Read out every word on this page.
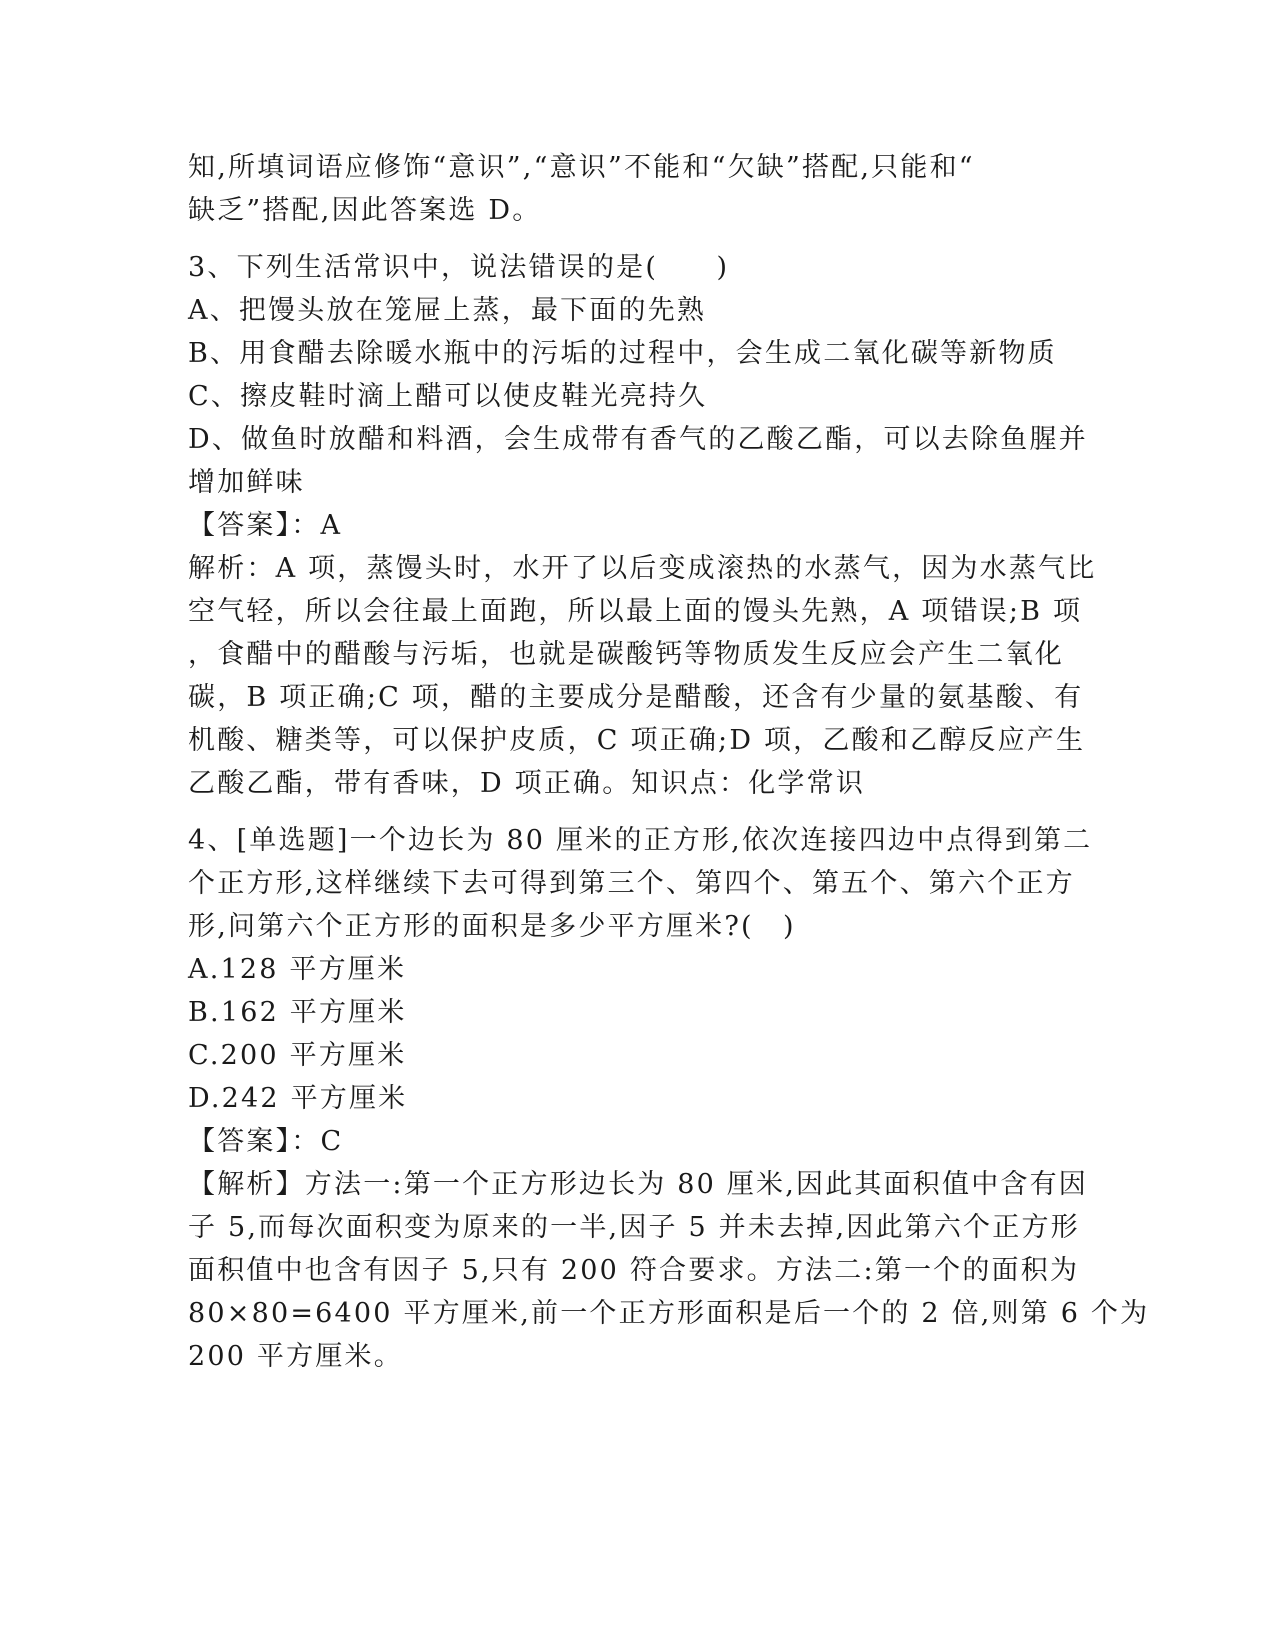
知,所填词语应修饰“意识”,“意识”不能和“欠缺”搭配,只能和“
缺乏”搭配,因此答案选 D。
3、下列生活常识中，说法错误的是(　　)
A、把馒头放在笼屉上蒸，最下面的先熟
B、用食醋去除暖水瓶中的污垢的过程中，会生成二氧化碳等新物质
C、擦皮鞋时滴上醋可以使皮鞋光亮持久
D、做鱼时放醋和料酒，会生成带有香气的乙酸乙酯，可以去除鱼腥并
增加鲜味
【答案】：A
解析：A 项，蒸馒头时，水开了以后变成滚热的水蒸气，因为水蒸气比
空气轻，所以会往最上面跑，所以最上面的馒头先熟，A 项错误;B 项
，食醋中的醋酸与污垢，也就是碳酸钙等物质发生反应会产生二氧化
碳，B 项正确;C 项，醋的主要成分是醋酸，还含有少量的氨基酸、有
机酸、糖类等，可以保护皮质，C 项正确;D 项，乙酸和乙醇反应产生
乙酸乙酯，带有香味，D 项正确。知识点：化学常识
4、[单选题]一个边长为 80 厘米的正方形,依次连接四边中点得到第二
个正方形,这样继续下去可得到第三个、第四个、第五个、第六个正方
形,问第六个正方形的面积是多少平方厘米?(　)
A.128 平方厘米
B.162 平方厘米
C.200 平方厘米
D.242 平方厘米
【答案】：C
【解析】方法一:第一个正方形边长为 80 厘米,因此其面积值中含有因
子 5,而每次面积变为原来的一半,因子 5 并未去掉,因此第六个正方形
面积值中也含有因子 5,只有 200 符合要求。方法二:第一个的面积为
80×80=6400 平方厘米,前一个正方形面积是后一个的 2 倍,则第 6 个为
200 平方厘米。
